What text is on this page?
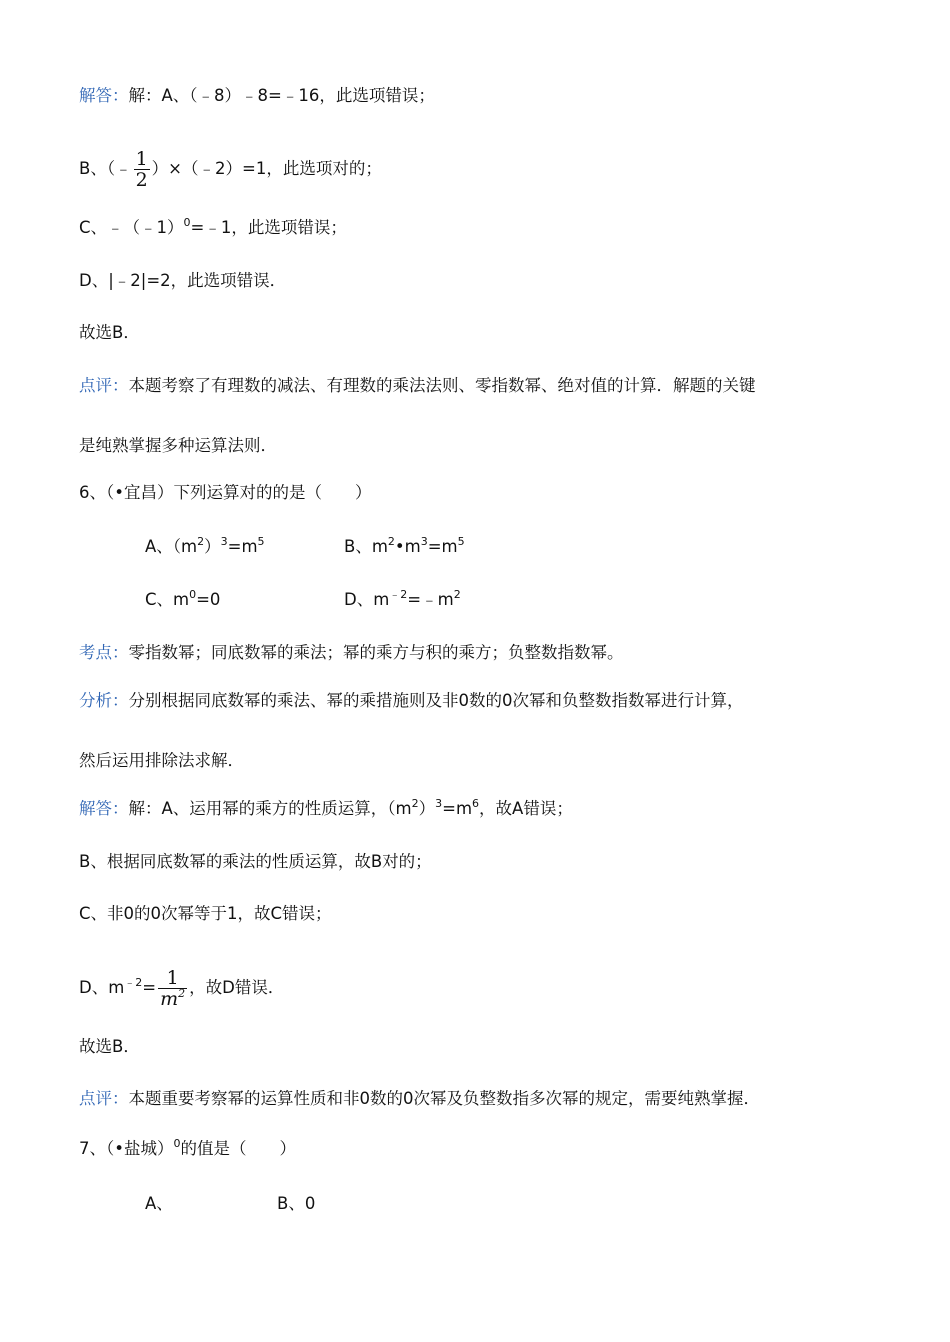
解答：解：A、（﹣8）﹣8=﹣16，此选项错误；
B、（﹣ $\frac{1}{2}$ ）×（﹣2）=1，此选项对的；
C、﹣（﹣1）$^0$=﹣1，此选项错误；
D、|﹣2|=2，此选项错误．
故选B．
点评：本题考察了有理数的减法、有理数的乘法法则、零指数幂、绝对值的计算．解题的关键
是纯熟掌握多种运算法则．
6、（•宜昌）下列运算对的的是（　　）
A、$(m^2)^3=m^5$	B、$m^2•m^3=m^5$
C、$m^0=0$	D、$m^{﹣2}=﹣m^2$
考点：零指数幂；同底数幂的乘法；幂的乘方与积的乘方；负整数指数幂。
分析：分别根据同底数幂的乘法、幂的乘措施则及非0数的0次幂和负整数指数幂进行计算，
然后运用排除法求解．
解答：解：A、运用幂的乘方的性质运算，$(m^2)^3=m^6$，故A错误；
B、根据同底数幂的乘法的性质运算，故B对的；
C、非0的0次幂等于1，故C错误；
D、$m^{﹣2}= \frac{1}{m^2}$ ，故D错误．
故选B．
点评：本题重要考察幂的运算性质和非0数的0次幂及负整数指多次幂的规定，需要纯熟掌握．
7、（•盐城）$^0$的值是（　　）
A、	B、0
